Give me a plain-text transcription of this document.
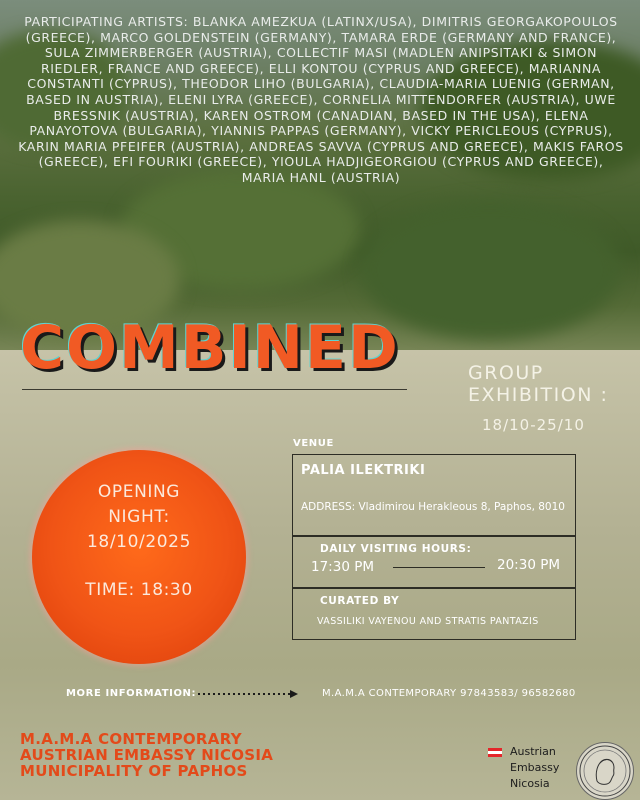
PARTICIPATING ARTISTS: BLANKA AMEZKUA (LATINX/USA), DIMITRIS GEORGAKOPOULOS (GREECE), MARCO GOLDENSTEIN (GERMANY), TAMARA ERDE (GERMANY AND FRANCE), SULA ZIMMERBERGER (AUSTRIA), COLLECTIF MASI (MADLEN ANIPSITAKI & SIMON RIEDLER, FRANCE AND GREECE), ELLI KONTOU (CYPRUS AND GREECE), MARIANNA CONSTANTI (CYPRUS), THEODOR LIHO (BULGARIA), CLAUDIA-MARIA LUENIG (GERMAN, BASED IN AUSTRIA), ELENI LYRA (GREECE), CORNELIA MITTENDORFER (AUSTRIA), UWE BRESSNIK (AUSTRIA), KAREN OSTROM (CANADIAN, BASED IN THE USA), ELENA PANAYOTOVA (BULGARIA), YIANNIS PAPPAS (GERMANY), VICKY PERICLEOUS (CYPRUS), KARIN MARIA PFEIFER (AUSTRIA), ANDREAS SAVVA (CYPRUS AND GREECE), MAKIS FAROS (GREECE), EFI FOURIKI (GREECE), YIOULA HADJIGEORGIOU (CYPRUS AND GREECE), MARIA HANL (AUSTRIA)
COMBINED	GROUP
EXHIBITION :
18/10-25/10
OPENING
NIGHT:
18/10/2025
TIME: 18:30
VENUE
PALIA ILEKTRIKI
ADDRESS: Vladimirou Herakleous 8, Paphos, 8010
DAILY VISITING HOURS:
17:30 PM	20:30 PM
CURATED BY
VASSILIKI VAYENOU AND STRATIS PANTAZIS
MORE INFORMATION:	M.A.M.A CONTEMPORARY 97843583/ 96582680
M.A.M.A CONTEMPORARY
AUSTRIAN EMBASSY NICOSIA
MUNICIPALITY OF PAPHOS
Austrian
Embassy
Nicosia
